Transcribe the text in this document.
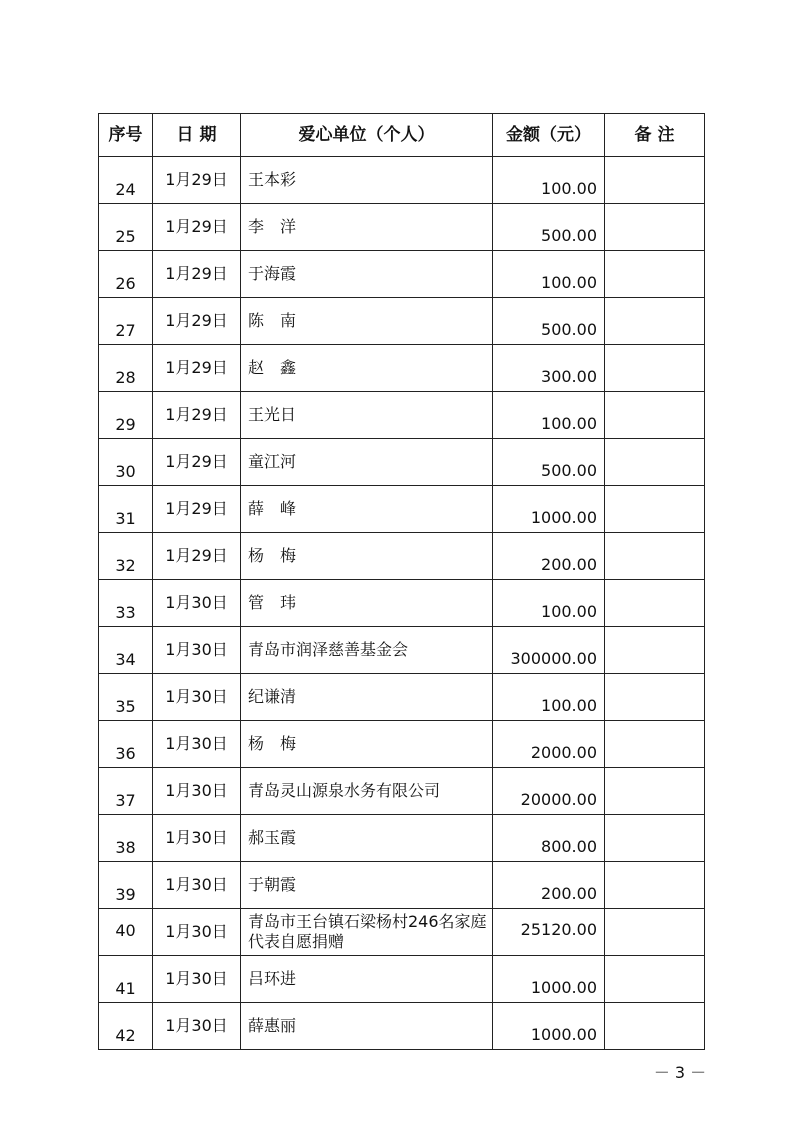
序号	日 期	爱心单位（个人）	金额（元）	备 注
24	1月29日	王本彩	100.00	
25	1月29日	李　洋	500.00	
26	1月29日	于海霞	100.00	
27	1月29日	陈　南	500.00	
28	1月29日	赵　鑫	300.00	
29	1月29日	王光日	100.00	
30	1月29日	童江河	500.00	
31	1月29日	薛　峰	1000.00	
32	1月29日	杨　梅	200.00	
33	1月30日	管　玮	100.00	
34	1月30日	青岛市润泽慈善基金会	300000.00	
35	1月30日	纪谦清	100.00	
36	1月30日	杨　梅	2000.00	
37	1月30日	青岛灵山源泉水务有限公司	20000.00	
38	1月30日	郝玉霞	800.00	
39	1月30日	于朝霞	200.00	
40	1月30日	青岛市王台镇石梁杨村246名家庭代表自愿捐赠	25120.00	
41	1月30日	吕环进	1000.00	
42	1月30日	薛惠丽	1000.00	
－ 3 －
